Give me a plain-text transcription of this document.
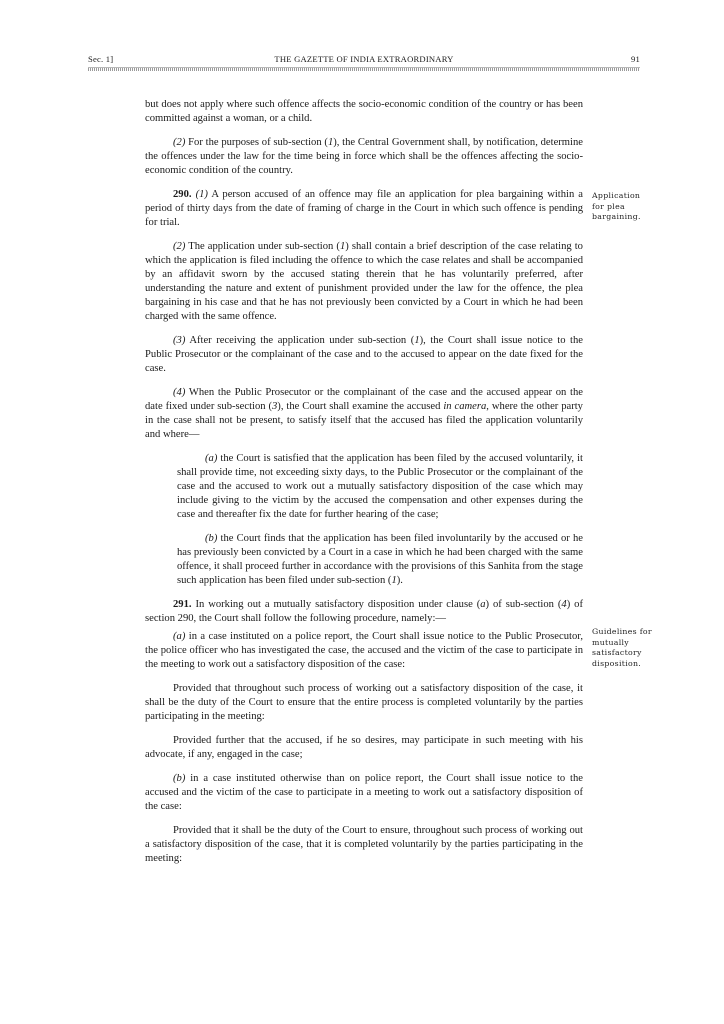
THE GAZETTE OF INDIA EXTRAORDINARY
Sec. 1]	91
Application for plea bargaining.
Guidelines for mutually satisfactory disposition.

but does not apply where such offence affects the socio-economic condition of the country or has been committed against a woman, or a child.

(2) For the purposes of sub-section (1), the Central Government shall, by notification, determine the offences under the law for the time being in force which shall be the offences affecting the socio-economic condition of the country.

290. (1) A person accused of an offence may file an application for plea bargaining within a period of thirty days from the date of framing of charge in the Court in which such offence is pending for trial.

(2) The application under sub-section (1) shall contain a brief description of the case relating to which the application is filed including the offence to which the case relates and shall be accompanied by an affidavit sworn by the accused stating therein that he has voluntarily preferred, after understanding the nature and extent of punishment provided under the law for the offence, the plea bargaining in his case and that he has not previously been convicted by a Court in which he had been charged with the same offence.

(3) After receiving the application under sub-section (1), the Court shall issue notice to the Public Prosecutor or the complainant of the case and to the accused to appear on the date fixed for the case.

(4) When the Public Prosecutor or the complainant of the case and the accused appear on the date fixed under sub-section (3), the Court shall examine the accused in camera, where the other party in the case shall not be present, to satisfy itself that the accused has filed the application voluntarily and where—

(a) the Court is satisfied that the application has been filed by the accused voluntarily, it shall provide time, not exceeding sixty days, to the Public Prosecutor or the complainant of the case and the accused to work out a mutually satisfactory disposition of the case which may include giving to the victim by the accused the compensation and other expenses during the case and thereafter fix the date for further hearing of the case;

(b) the Court finds that the application has been filed involuntarily by the accused or he has previously been convicted by a Court in a case in which he had been charged with the same offence, it shall proceed further in accordance with the provisions of this Sanhita from the stage such application has been filed under sub-section (1).

291. In working out a mutually satisfactory disposition under clause (a) of sub-section (4) of section 290, the Court shall follow the following procedure, namely:—

(a) in a case instituted on a police report, the Court shall issue notice to the Public Prosecutor, the police officer who has investigated the case, the accused and the victim of the case to participate in the meeting to work out a satisfactory disposition of the case:

Provided that throughout such process of working out a satisfactory disposition of the case, it shall be the duty of the Court to ensure that the entire process is completed voluntarily by the parties participating in the meeting:

Provided further that the accused, if he so desires, may participate in such meeting with his advocate, if any, engaged in the case;

(b) in a case instituted otherwise than on police report, the Court shall issue notice to the accused and the victim of the case to participate in a meeting to work out a satisfactory disposition of the case:

Provided that it shall be the duty of the Court to ensure, throughout such process of working out a satisfactory disposition of the case, that it is completed voluntarily by the parties participating in the meeting:
